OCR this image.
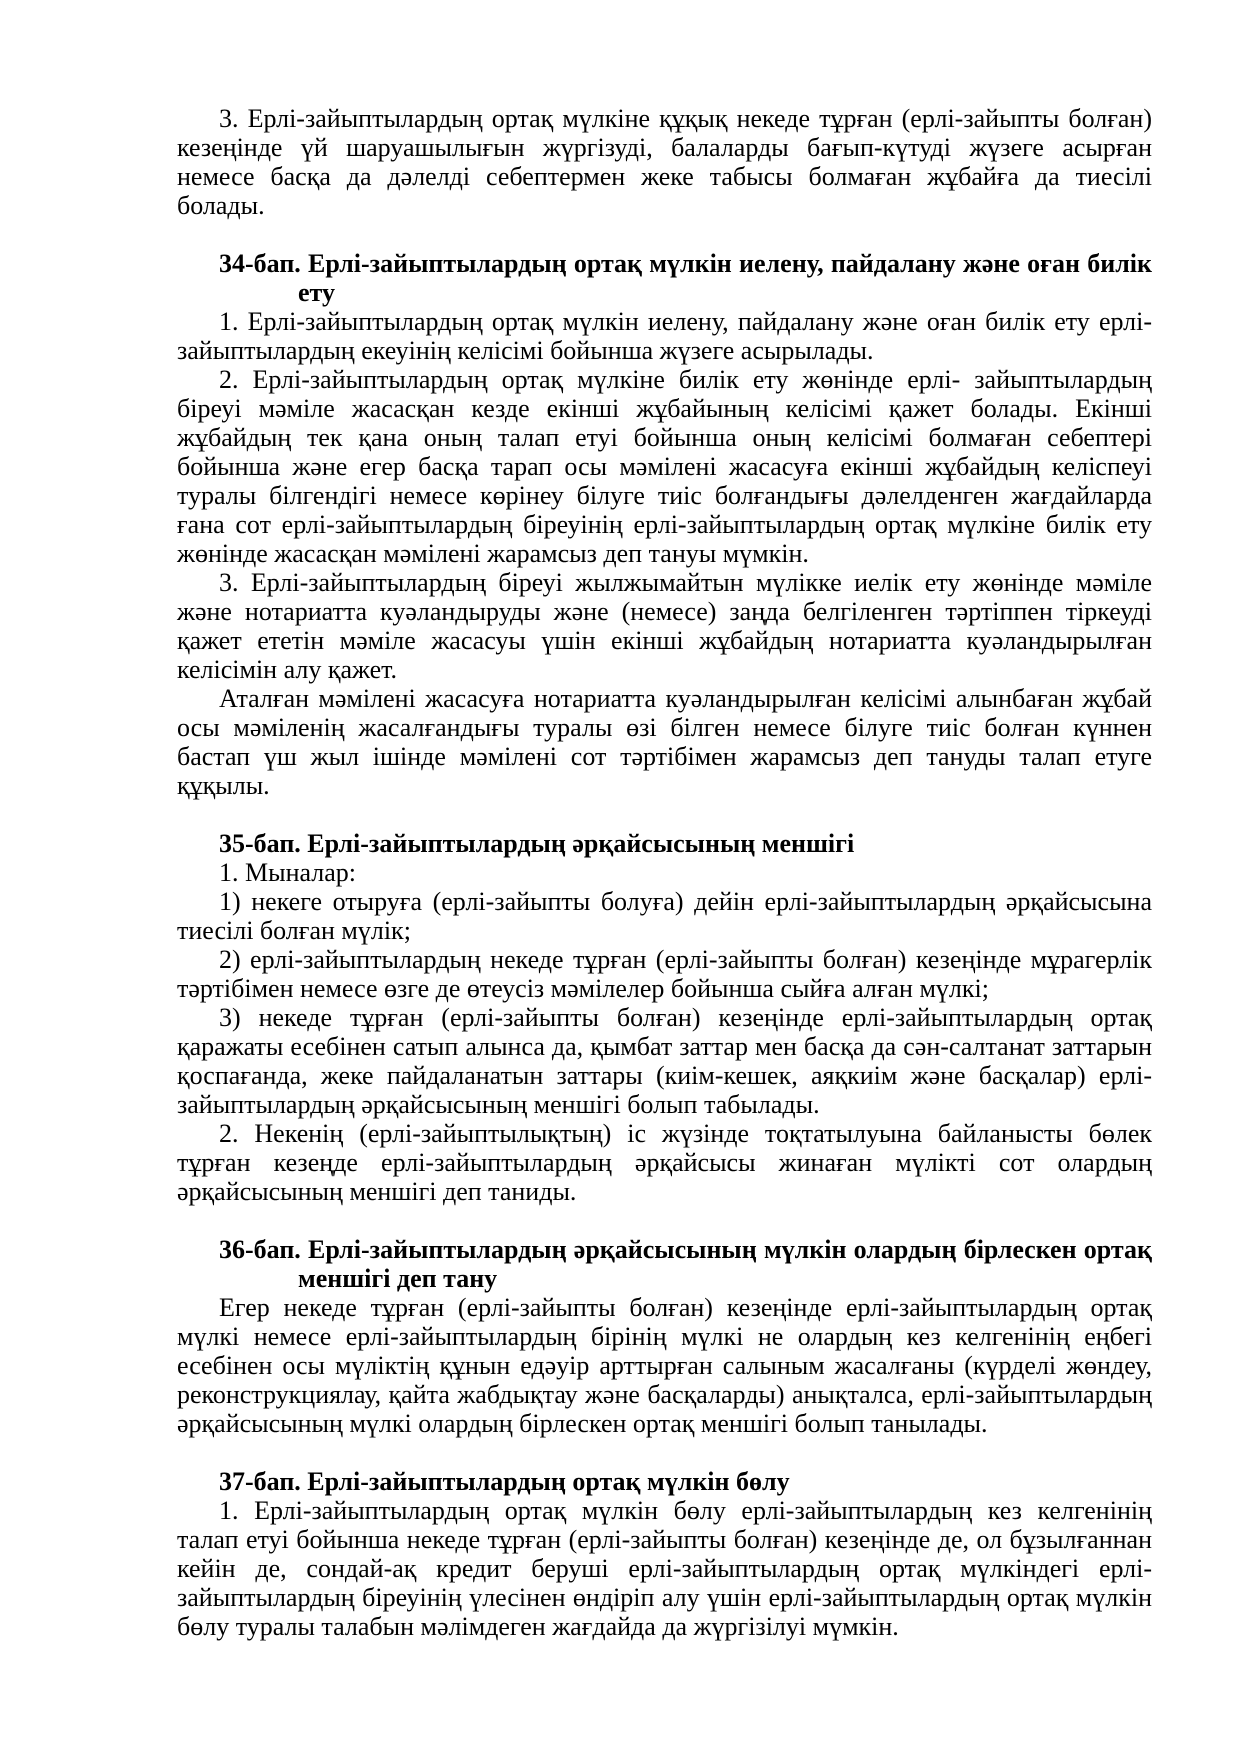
3. Ерлі-зайыптылардың ортақ мүлкіне құқық некеде тұрған (ерлі-зайыпты болған) кезеңінде үй шаруашылығын жүргізуді, балаларды бағып-күтуді жүзеге асырған немесе басқа да дәлелді себептермен жеке табысы болмаған жұбайға да тиесілі болады.

34-бап. Ерлі-зайыптылардың ортақ мүлкін иелену, пайдалану және оған билік ету

1. Ерлі-зайыптылардың ортақ мүлкін иелену, пайдалану және оған билік ету ерлі-зайыптылардың екеуінің келісімі бойынша жүзеге асырылады.

2. Ерлі-зайыптылардың ортақ мүлкіне билік ету жөнінде ерлі- зайыптылардың біреуі мәміле жасасқан кезде екінші жұбайының келісімі қажет болады. Екінші жұбайдың тек қана оның талап етуі бойынша оның келісімі болмаған себептері бойынша және егер басқа тарап осы мәмілені жасасуға екінші жұбайдың келіспеуі туралы білгендігі немесе көрінеу білуге тиіс болғандығы дәлелденген жағдайларда ғана сот ерлі-зайыптылардың біреуінің ерлі-зайыптылардың ортақ мүлкіне билік ету жөнінде жасасқан мәмілені жарамсыз деп тануы мүмкін.

3. Ерлі-зайыптылардың біреуі жылжымайтын мүлікке иелік ету жөнінде мәміле және нотариатта куәландыруды және (немесе) заңда белгіленген тәртіппен тіркеуді қажет ететін мәміле жасасуы үшін екінші жұбайдың нотариатта куәландырылған келісімін алу қажет.

Аталған мәмілені жасасуға нотариатта куәландырылған келісімі алынбаған жұбай осы мәміленің жасалғандығы туралы өзі білген немесе білуге тиіс болған күннен бастап үш жыл ішінде мәмілені сот тәртібімен жарамсыз деп тануды талап етуге құқылы.

35-бап. Ерлі-зайыптылардың әрқайсысының меншігі

1. Мыналар:

1) некеге отыруға (ерлі-зайыпты болуға) дейін ерлі-зайыптылардың әрқайсысына тиесілі болған мүлік;

2) ерлі-зайыптылардың некеде тұрған (ерлі-зайыпты болған) кезеңінде мұрагерлік тәртібімен немесе өзге де өтеусіз мәмілелер бойынша сыйға алған мүлкі;

3) некеде тұрған (ерлі-зайыпты болған) кезеңінде ерлі-зайыптылардың ортақ қаражаты есебінен сатып алынса да, қымбат заттар мен басқа да сән-салтанат заттарын қоспағанда, жеке пайдаланатын заттары (киім-кешек, аяқкиім және басқалар) ерлі-зайыптылардың әрқайсысының меншігі болып табылады.

2. Некенің (ерлі-зайыптылықтың) іс жүзінде тоқтатылуына байланысты бөлек тұрған кезеңде ерлі-зайыптылардың әрқайсысы жинаған мүлікті сот олардың әрқайсысының меншігі деп таниды.

36-бап. Ерлі-зайыптылардың әрқайсысының мүлкін олардың бірлескен ортақ меншігі деп тану

Егер некеде тұрған (ерлі-зайыпты болған) кезеңінде ерлі-зайыптылардың ортақ мүлкі немесе ерлі-зайыптылардың бірінің мүлкі не олардың кез келгенінің еңбегі есебінен осы мүліктің құнын едәуір арттырған салыным жасалғаны (күрделі жөндеу, реконструкциялау, қайта жабдықтау және басқаларды) анықталса, ерлі-зайыптылардың әрқайсысының мүлкі олардың бірлескен ортақ меншігі болып танылады.

37-бап. Ерлі-зайыптылардың ортақ мүлкін бөлу

1. Ерлі-зайыптылардың ортақ мүлкін бөлу ерлі-зайыптылардың кез келгенінің талап етуі бойынша некеде тұрған (ерлі-зайыпты болған) кезеңінде де, ол бұзылғаннан кейін де, сондай-ақ кредит беруші ерлі-зайыптылардың ортақ мүлкіндегі ерлі-зайыптылардың біреуінің үлесінен өндіріп алу үшін ерлі-зайыптылардың ортақ мүлкін бөлу туралы талабын мәлімдеген жағдайда да жүргізілуі мүмкін.
